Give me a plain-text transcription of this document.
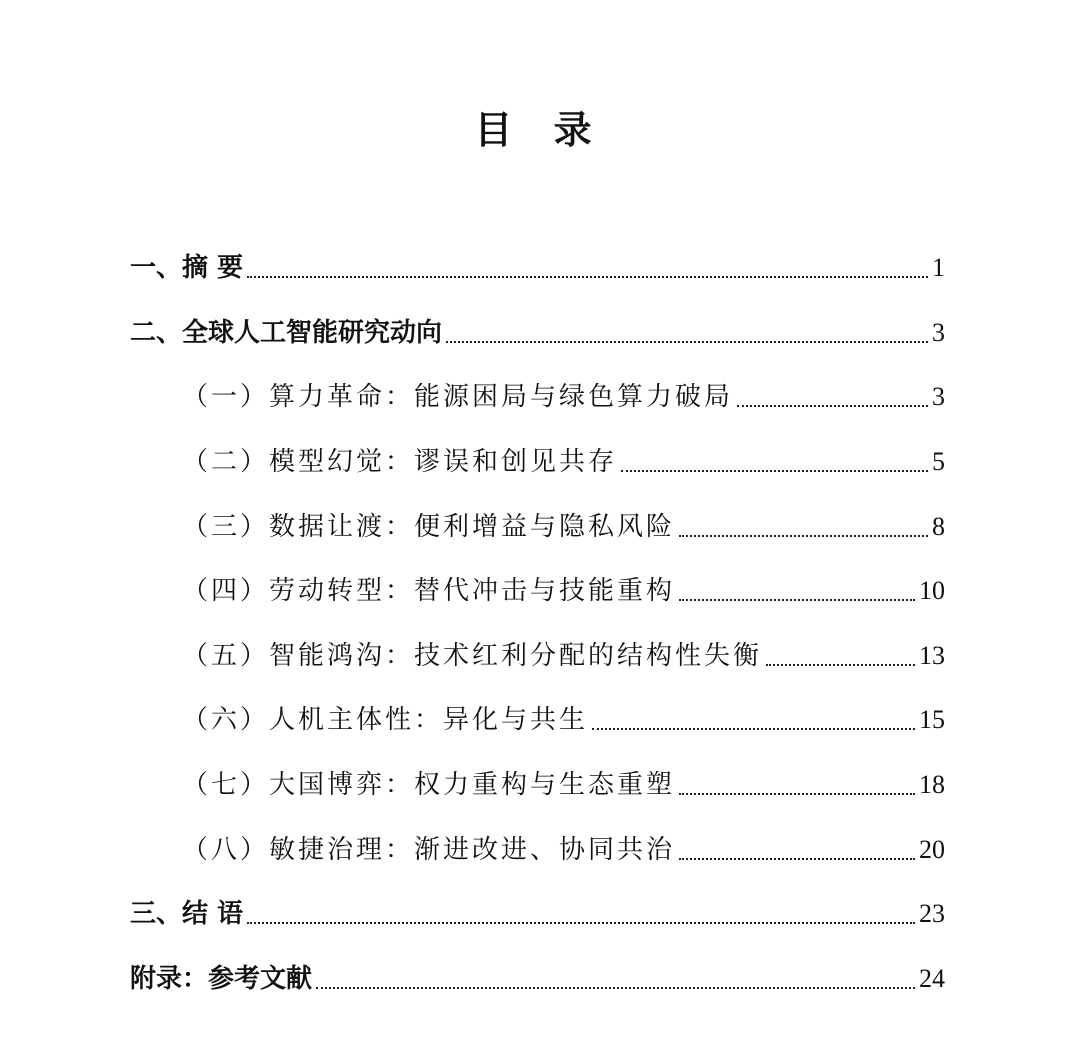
目 录
一、摘 要	1
二、全球人工智能研究动向	3
（一）算力革命：能源困局与绿色算力破局	3
（二）模型幻觉：谬误和创见共存	5
（三）数据让渡：便利增益与隐私风险	8
（四）劳动转型：替代冲击与技能重构	10
（五）智能鸿沟：技术红利分配的结构性失衡	13
（六）人机主体性：异化与共生	15
（七）大国博弈：权力重构与生态重塑	18
（八）敏捷治理：渐进改进、协同共治	20
三、结 语	23
附录：参考文献	24
